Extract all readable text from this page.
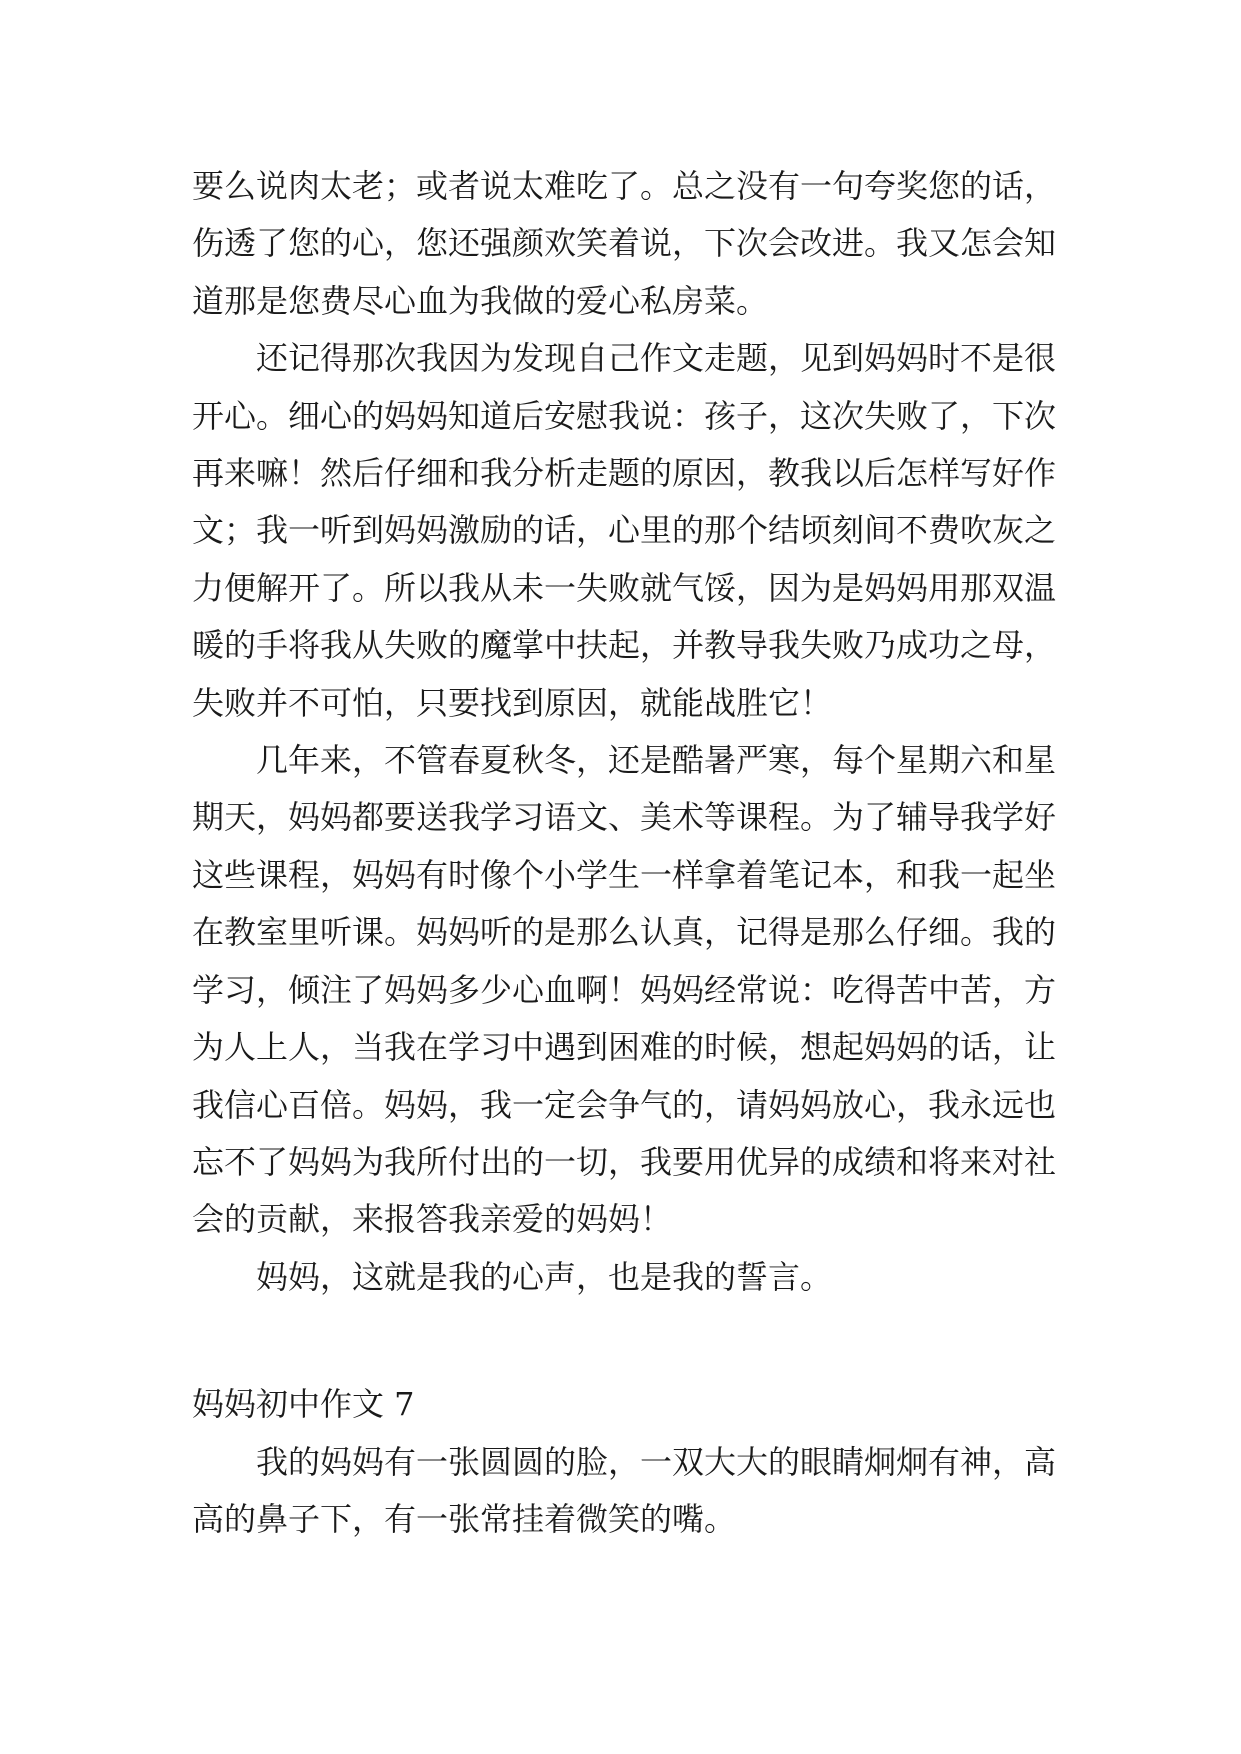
要么说肉太老；或者说太难吃了。总之没有一句夸奖您的话，伤透了您的心，您还强颜欢笑着说，下次会改进。我又怎会知道那是您费尽心血为我做的爱心私房菜。

还记得那次我因为发现自己作文走题，见到妈妈时不是很开心。细心的妈妈知道后安慰我说：孩子，这次失败了，下次再来嘛！然后仔细和我分析走题的原因，教我以后怎样写好作文；我一听到妈妈激励的话，心里的那个结顷刻间不费吹灰之力便解开了。所以我从未一失败就气馁，因为是妈妈用那双温暖的手将我从失败的魔掌中扶起，并教导我失败乃成功之母，失败并不可怕，只要找到原因，就能战胜它！

几年来，不管春夏秋冬，还是酷暑严寒，每个星期六和星期天，妈妈都要送我学习语文、美术等课程。为了辅导我学好这些课程，妈妈有时像个小学生一样拿着笔记本，和我一起坐在教室里听课。妈妈听的是那么认真，记得是那么仔细。我的学习，倾注了妈妈多少心血啊！妈妈经常说：吃得苦中苦，方为人上人，当我在学习中遇到困难的时候，想起妈妈的话，让我信心百倍。妈妈，我一定会争气的，请妈妈放心，我永远也忘不了妈妈为我所付出的一切，我要用优异的成绩和将来对社会的贡献，来报答我亲爱的妈妈！

妈妈，这就是我的心声，也是我的誓言。

妈妈初中作文 7

我的妈妈有一张圆圆的脸，一双大大的眼睛炯炯有神，高高的鼻子下，有一张常挂着微笑的嘴。
